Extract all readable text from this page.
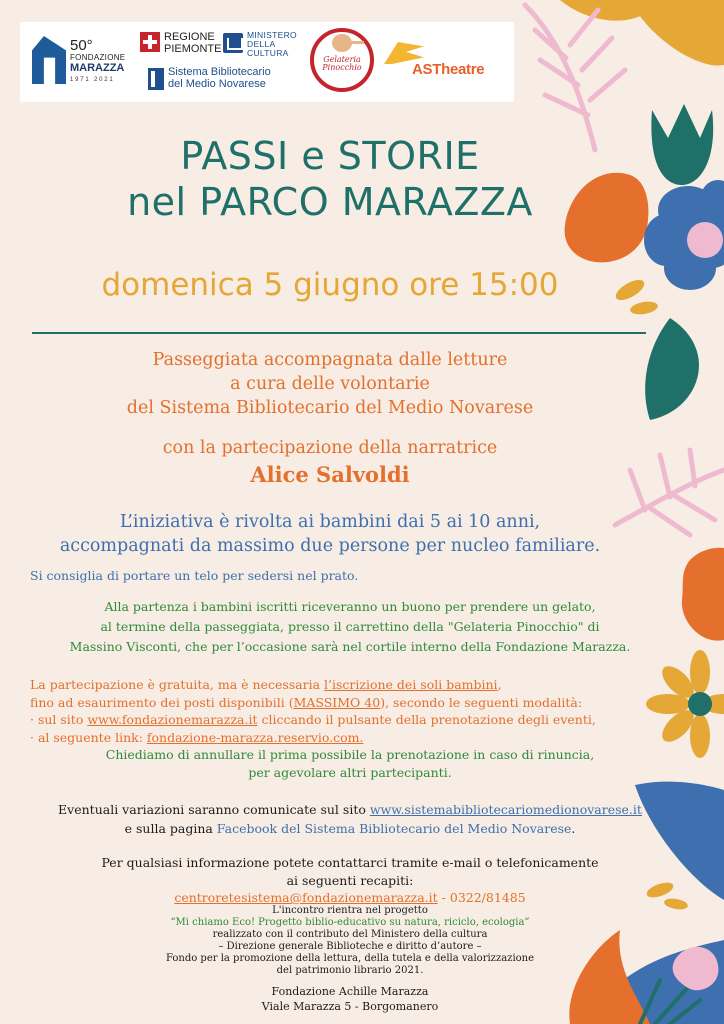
50°
FONDAZIONE
MARAZZA
1971 2021
REGIONE
PIEMONTE
MINISTERO
DELLA
CULTURA
Sistema Bibliotecario
del Medio Novarese
Gelateria
Pinocchio	ASTheatre
PASSI e STORIE
nel PARCO MARAZZA
domenica 5 giugno ore 15:00
Passeggiata accompagnata dalle letture
a cura delle volontarie
del Sistema Bibliotecario del Medio Novarese
con la partecipazione della narratrice
Alice Salvoldi
L’iniziativa è rivolta ai bambini dai 5 ai 10 anni,
accompagnati da massimo due persone per nucleo familiare.
Si consiglia di portare un telo per sedersi nel prato.
Alla partenza i bambini iscritti riceveranno un buono per prendere un gelato,
al termine della passeggiata, presso il carrettino della "Gelateria Pinocchio" di
Massino Visconti, che per l’occasione sarà nel cortile interno della Fondazione Marazza.
La partecipazione è gratuita, ma è necessaria l’iscrizione dei soli bambini,
fino ad esaurimento dei posti disponibili (MASSIMO 40), secondo le seguenti modalità:
· sul sito www.fondazionemarazza.it cliccando il pulsante della prenotazione degli eventi,
· al seguente link: fondazione-marazza.reservio.com.
Chiediamo di annullare il prima possibile la prenotazione in caso di rinuncia,
per agevolare altri partecipanti.
Eventuali variazioni saranno comunicate sul sito www.sistemabibliotecariomedionovarese.it
e sulla pagina Facebook del Sistema Bibliotecario del Medio Novarese.
Per qualsiasi informazione potete contattarci tramite e-mail o telefonicamente
ai seguenti recapiti:
centroretesistema@fondazionemarazza.it - 0322/81485
L'incontro rientra nel progetto
“Mi chiamo Eco! Progetto biblio-educativo su natura, riciclo, ecologia”
realizzato con il contributo del Ministero della cultura
– Direzione generale Biblioteche e diritto d’autore –
Fondo per la promozione della lettura, della tutela e della valorizzazione
del patrimonio librario 2021.
Fondazione Achille Marazza
Viale Marazza 5 - Borgomanero
